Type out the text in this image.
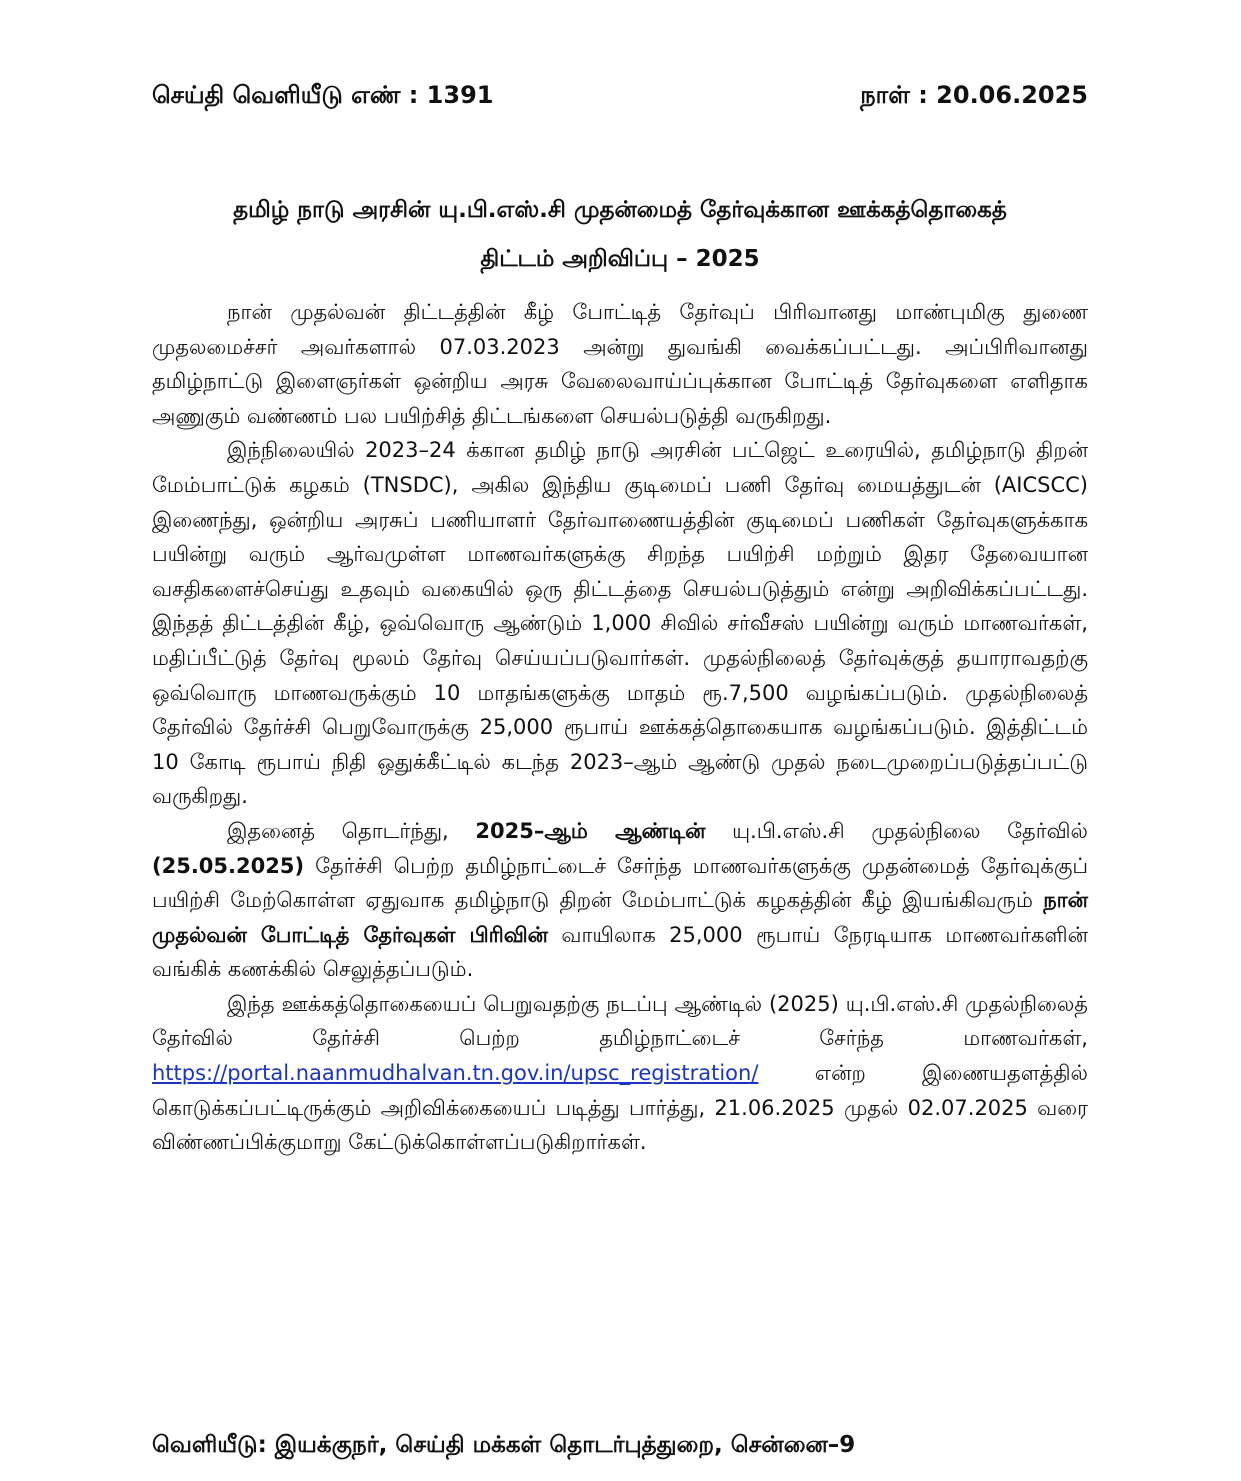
செய்தி வெளியீடு எண் : 1391	நாள் : 20.06.2025
தமிழ் நாடு அரசின் யு.பி.எஸ்.சி முதன்மைத் தேர்வுக்கான ஊக்கத்தொகைத்
திட்டம் அறிவிப்பு – 2025

நான் முதல்வன் திட்டத்தின் கீழ் போட்டித் தேர்வுப் பிரிவானது மாண்புமிகு துணை முதலமைச்சர் அவர்களால் 07.03.2023 அன்று துவங்கி வைக்கப்பட்டது. அப்பிரிவானது தமிழ்நாட்டு இளைஞர்கள் ஒன்றிய அரசு வேலைவாய்ப்புக்கான போட்டித் தேர்வுகளை எளிதாக அணுகும் வண்ணம் பல பயிற்சித் திட்டங்களை செயல்படுத்தி வருகிறது.

இந்நிலையில் 2023–24 க்கான தமிழ் நாடு அரசின் பட்ஜெட் உரையில், தமிழ்நாடு திறன் மேம்பாட்டுக் கழகம் (TNSDC), அகில இந்திய குடிமைப் பணி தேர்வு மையத்துடன் (AICSCC) இணைந்து, ஒன்றிய அரசுப் பணியாளர் தேர்வாணையத்தின் குடிமைப் பணிகள் தேர்வுகளுக்காக பயின்று வரும் ஆர்வமுள்ள மாணவர்களுக்கு சிறந்த பயிற்சி மற்றும் இதர தேவையான வசதிகளைச்செய்து உதவும் வகையில் ஒரு திட்டத்தை செயல்படுத்தும் என்று அறிவிக்கப்பட்டது. இந்தத் திட்டத்தின் கீழ், ஒவ்வொரு ஆண்டும் 1,000 சிவில் சர்வீசஸ் பயின்று வரும் மாணவர்கள், மதிப்பீட்டுத் தேர்வு மூலம் தேர்வு செய்யப்படுவார்கள். முதல்நிலைத் தேர்வுக்குத் தயாராவதற்கு ஒவ்வொரு மாணவருக்கும் 10 மாதங்களுக்கு மாதம் ரூ.7,500 வழங்கப்படும். முதல்நிலைத் தேர்வில் தேர்ச்சி பெறுவோருக்கு 25,000 ரூபாய் ஊக்கத்தொகையாக வழங்கப்படும். இத்திட்டம் 10 கோடி ரூபாய் நிதி ஒதுக்கீட்டில் கடந்த 2023–ஆம் ஆண்டு முதல் நடைமுறைப்படுத்தப்பட்டு வருகிறது.

இதனைத் தொடர்ந்து, 2025–ஆம் ஆண்டின் யு.பி.எஸ்.சி முதல்நிலை தேர்வில் (25.05.2025) தேர்ச்சி பெற்ற தமிழ்நாட்டைச் சேர்ந்த மாணவர்களுக்கு முதன்மைத் தேர்வுக்குப் பயிற்சி மேற்கொள்ள ஏதுவாக தமிழ்நாடு திறன் மேம்பாட்டுக் கழகத்தின் கீழ் இயங்கிவரும் நான் முதல்வன் போட்டித் தேர்வுகள் பிரிவின் வாயிலாக 25,000 ரூபாய் நேரடியாக மாணவர்களின் வங்கிக் கணக்கில் செலுத்தப்படும்.

இந்த ஊக்கத்தொகையைப் பெறுவதற்கு நடப்பு ஆண்டில் (2025) யு.பி.எஸ்.சி முதல்நிலைத் தேர்வில் தேர்ச்சி பெற்ற தமிழ்நாட்டைச் சேர்ந்த மாணவர்கள், https://portal.naanmudhalvan.tn.gov.in/upsc_registration/ என்ற இணையதளத்தில் கொடுக்கப்பட்டிருக்கும் அறிவிக்கையைப் படித்து பார்த்து, 21.06.2025 முதல் 02.07.2025 வரை விண்ணப்பிக்குமாறு கேட்டுக்கொள்ளப்படுகிறார்கள்.

வெளியீடு: இயக்குநர், செய்தி மக்கள் தொடர்புத்துறை, சென்னை–9
